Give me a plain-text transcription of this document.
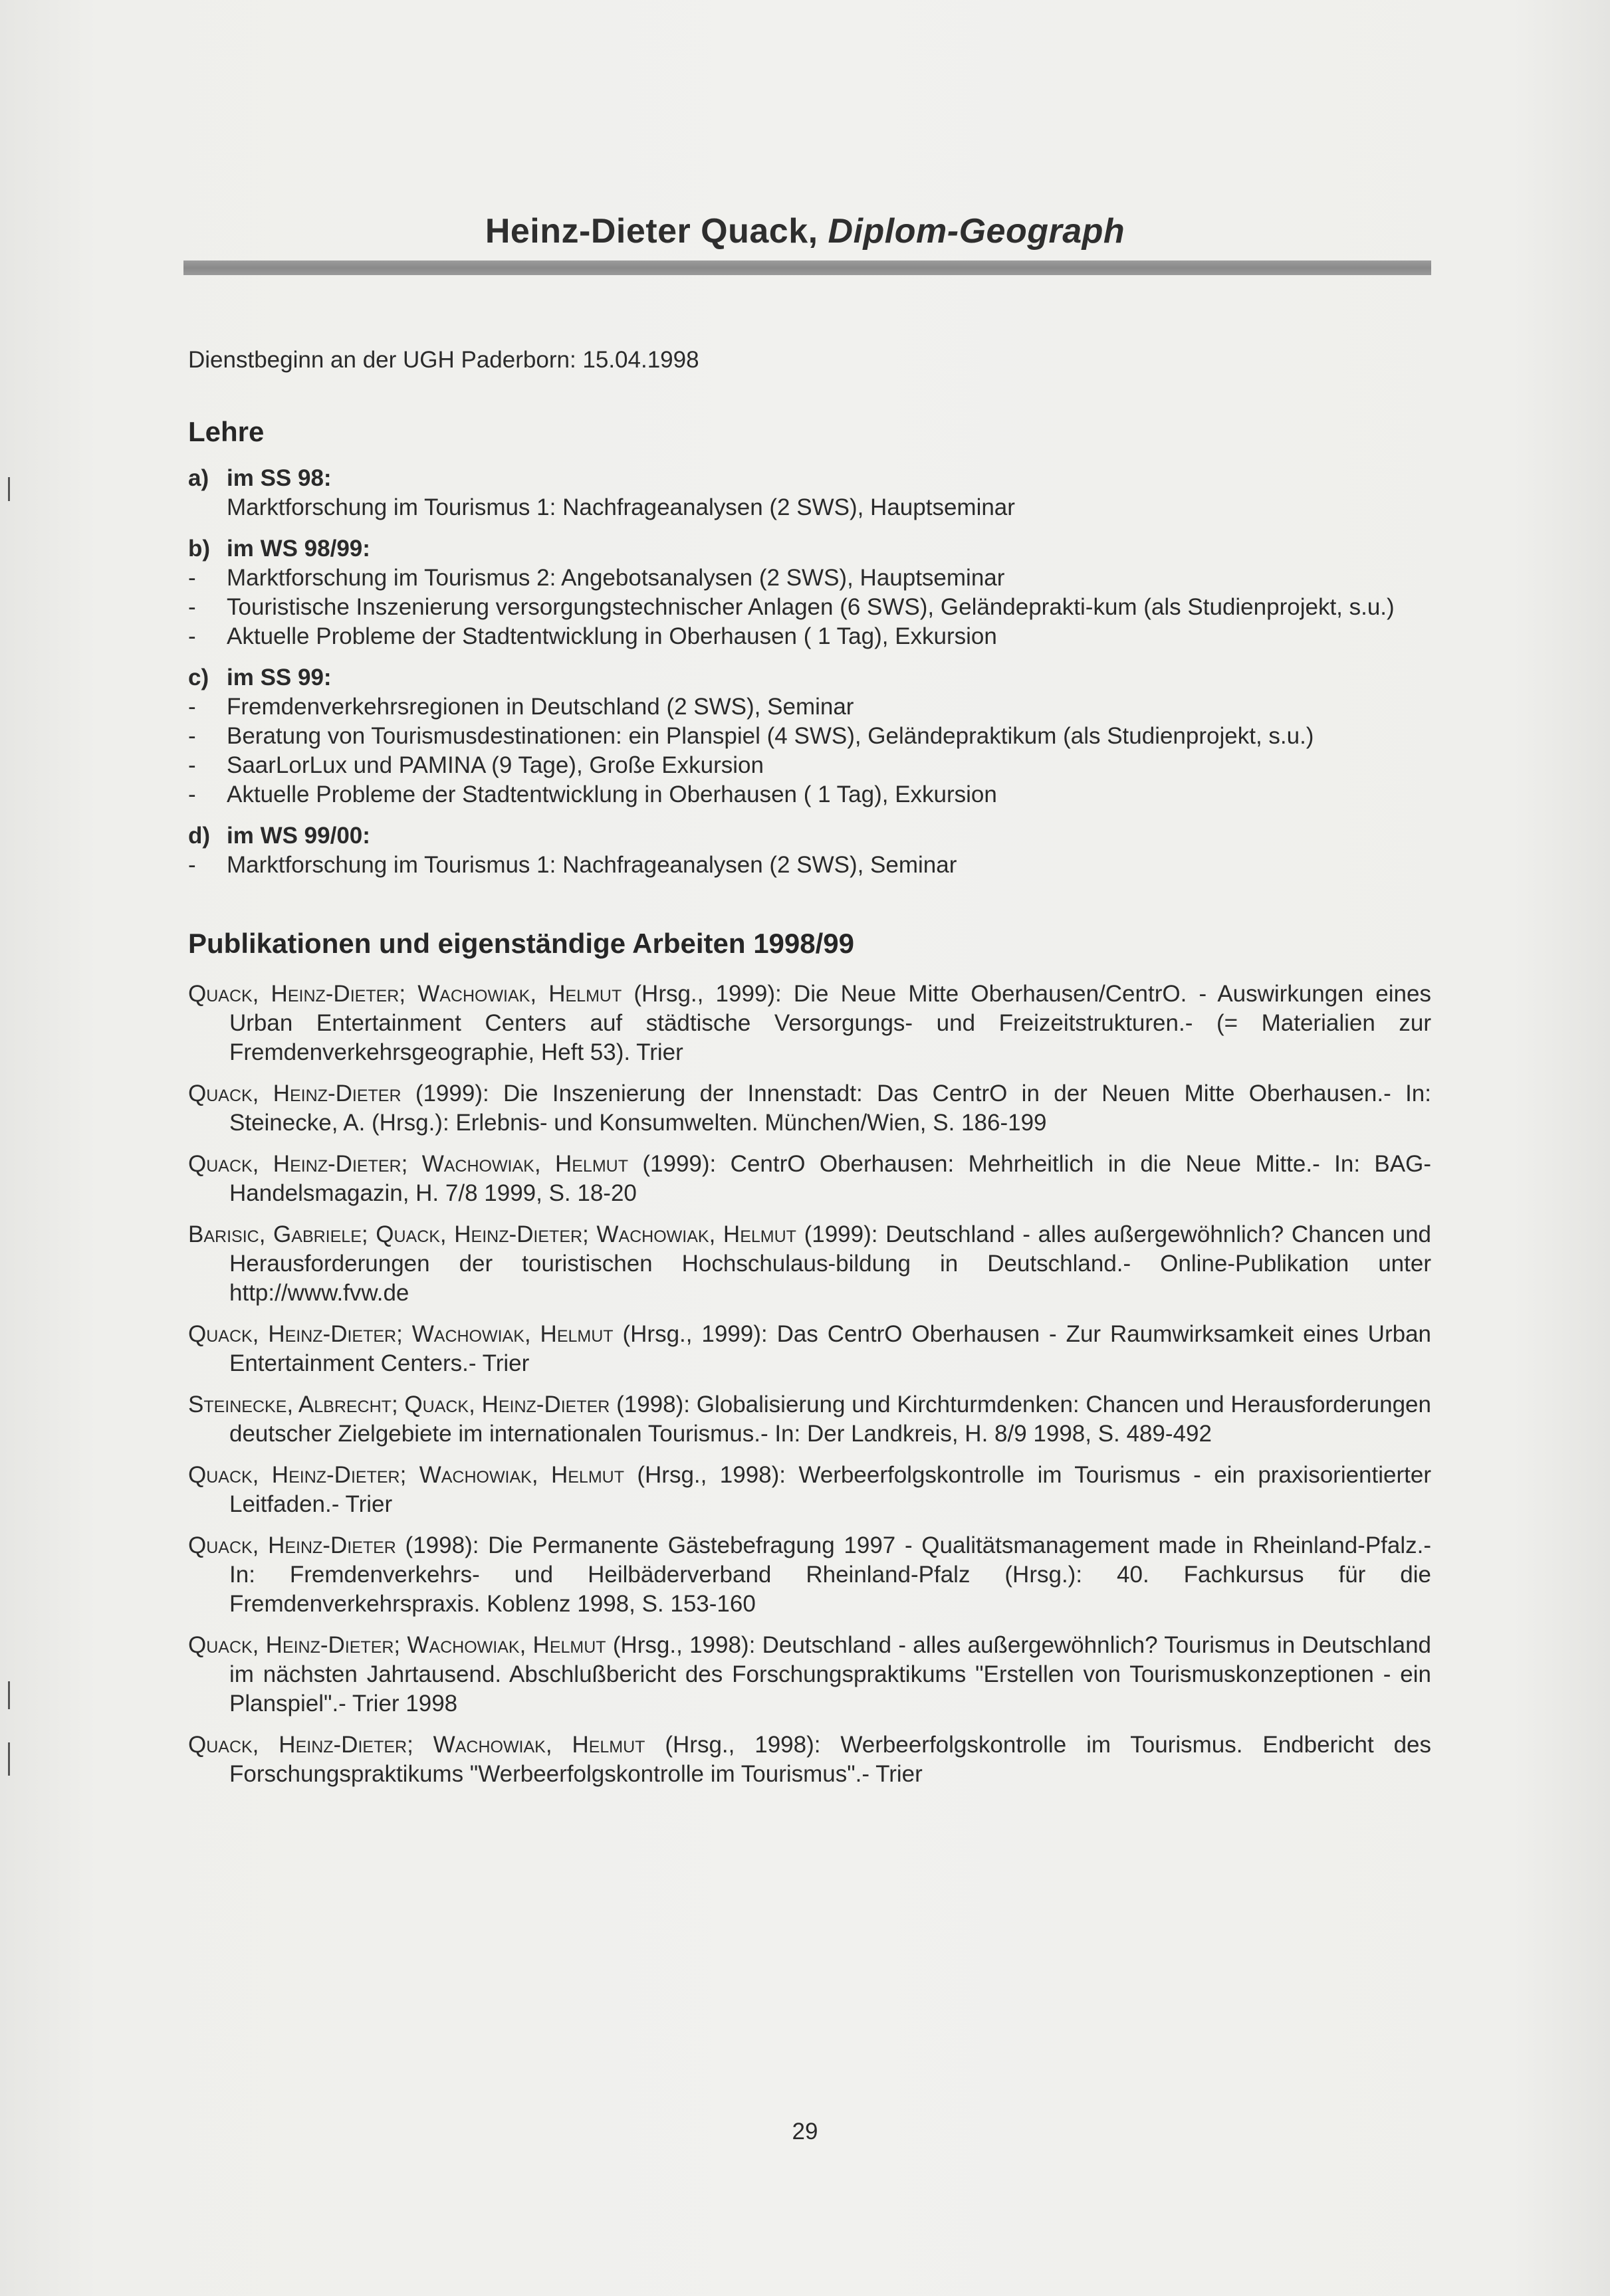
Heinz-Dieter Quack, Diplom-Geograph

Dienstbeginn an der UGH Paderborn: 15.04.1998

Lehre
a) im SS 98:
Marktforschung im Tourismus 1: Nachfrageanalysen (2 SWS), Hauptseminar
b) im WS 98/99:
-	Marktforschung im Tourismus 2: Angebotsanalysen (2 SWS), Hauptseminar
-	Touristische Inszenierung versorgungstechnischer Anlagen (6 SWS), Geländeprakti-kum (als Studienprojekt, s.u.)
-	Aktuelle Probleme der Stadtentwicklung in Oberhausen ( 1 Tag), Exkursion
c) im SS 99:
-	Fremdenverkehrsregionen in Deutschland (2 SWS), Seminar
-	Beratung von Tourismusdestinationen: ein Planspiel (4 SWS), Geländepraktikum (als Studienprojekt, s.u.)
-	SaarLorLux und PAMINA (9 Tage), Große Exkursion
-	Aktuelle Probleme der Stadtentwicklung in Oberhausen ( 1 Tag), Exkursion
d) im WS 99/00:
-	Marktforschung im Tourismus 1: Nachfrageanalysen (2 SWS), Seminar
Publikationen und eigenständige Arbeiten 1998/99
Quack, Heinz-Dieter; Wachowiak, Helmut (Hrsg., 1999): Die Neue Mitte Oberhausen/CentrO. - Auswirkungen eines Urban Entertainment Centers auf städtische Versorgungs- und Freizeitstrukturen.- (= Materialien zur Fremdenverkehrsgeographie, Heft 53). Trier
Quack, Heinz-Dieter (1999): Die Inszenierung der Innenstadt: Das CentrO in der Neuen Mitte Oberhausen.- In: Steinecke, A. (Hrsg.): Erlebnis- und Konsumwelten. München/Wien, S. 186-199
Quack, Heinz-Dieter; Wachowiak, Helmut (1999): CentrO Oberhausen: Mehrheitlich in die Neue Mitte.- In: BAG-Handelsmagazin, H. 7/8 1999, S. 18-20
Barisic, Gabriele; Quack, Heinz-Dieter; Wachowiak, Helmut (1999): Deutschland - alles außergewöhnlich? Chancen und Herausforderungen der touristischen Hochschulaus-bildung in Deutschland.- Online-Publikation unter http://www.fvw.de
Quack, Heinz-Dieter; Wachowiak, Helmut (Hrsg., 1999): Das CentrO Oberhausen - Zur Raumwirksamkeit eines Urban Entertainment Centers.- Trier
Steinecke, Albrecht; Quack, Heinz-Dieter (1998): Globalisierung und Kirchturmdenken: Chancen und Herausforderungen deutscher Zielgebiete im internationalen Tourismus.- In: Der Landkreis, H. 8/9 1998, S. 489-492
Quack, Heinz-Dieter; Wachowiak, Helmut (Hrsg., 1998): Werbeerfolgskontrolle im Tourismus - ein praxisorientierter Leitfaden.- Trier
Quack, Heinz-Dieter (1998): Die Permanente Gästebefragung 1997 - Qualitätsmanagement made in Rheinland-Pfalz.- In: Fremdenverkehrs- und Heilbäderverband Rheinland-Pfalz (Hrsg.): 40. Fachkursus für die Fremdenverkehrspraxis. Koblenz 1998, S. 153-160
Quack, Heinz-Dieter; Wachowiak, Helmut (Hrsg., 1998): Deutschland - alles außergewöhnlich? Tourismus in Deutschland im nächsten Jahrtausend. Abschlußbericht des Forschungspraktikums "Erstellen von Tourismuskonzeptionen - ein Planspiel".- Trier 1998
Quack, Heinz-Dieter; Wachowiak, Helmut (Hrsg., 1998): Werbeerfolgskontrolle im Tourismus. Endbericht des Forschungspraktikums "Werbeerfolgskontrolle im Tourismus".- Trier
29
